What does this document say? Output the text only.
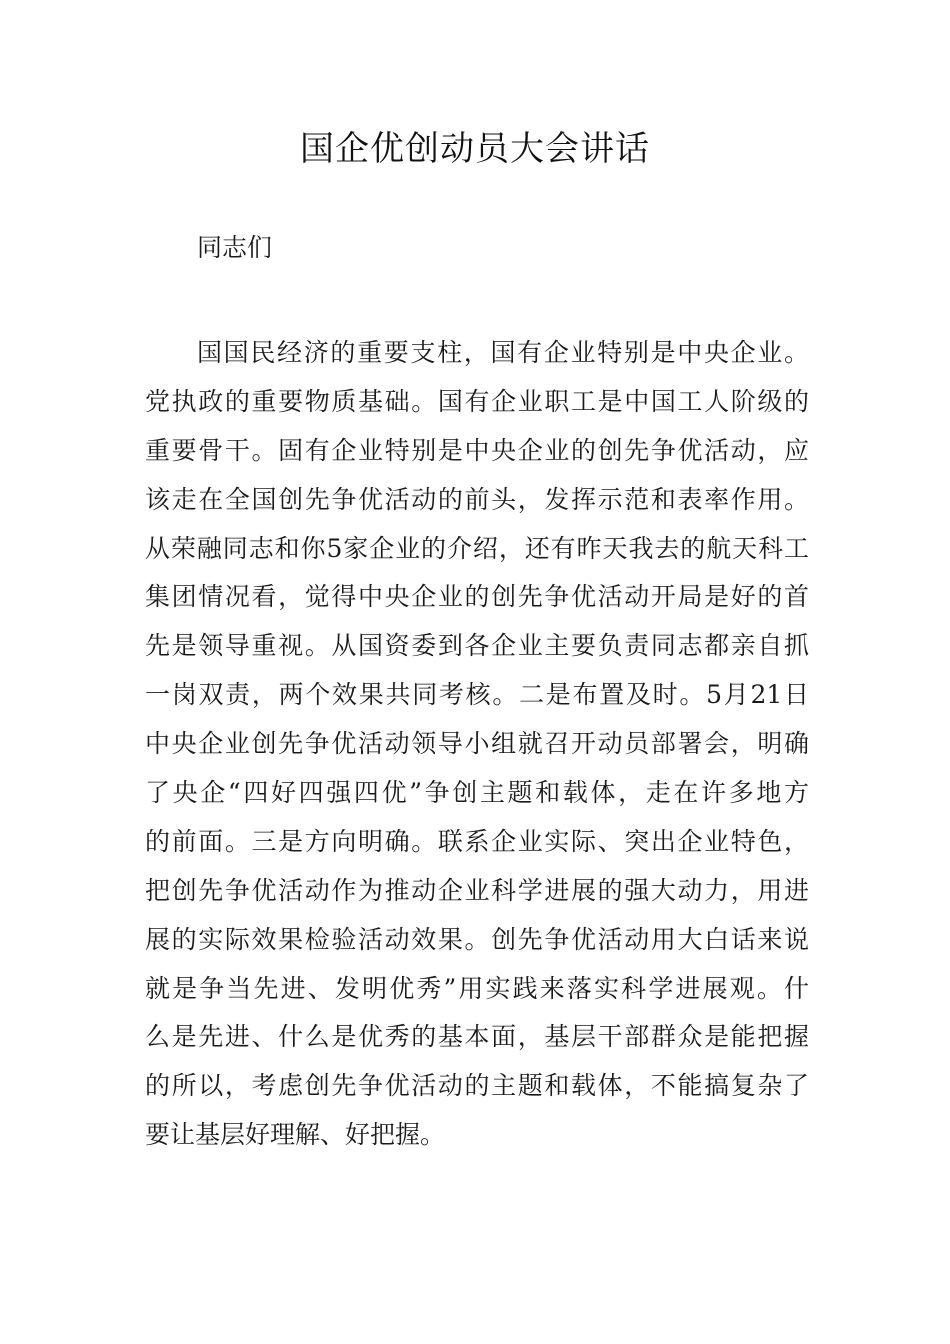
国企优创动员大会讲话
同志们
国国民经济的重要支柱，国有企业特别是中央企业。
党执政的重要物质基础。国有企业职工是中国工人阶级的
重要骨干。固有企业特别是中央企业的创先争优活动，应
该走在全国创先争优活动的前头，发挥示范和表率作用。
从荣融同志和你5家企业的介绍，还有昨天我去的航天科工
集团情况看，觉得中央企业的创先争优活动开局是好的首
先是领导重视。从国资委到各企业主要负责同志都亲自抓
一岗双责，两个效果共同考核。二是布置及时。5月21日
中央企业创先争优活动领导小组就召开动员部署会，明确
了央企“四好四强四优”争创主题和载体，走在许多地方
的前面。三是方向明确。联系企业实际、突出企业特色，
把创先争优活动作为推动企业科学进展的强大动力，用进
展的实际效果检验活动效果。创先争优活动用大白话来说
就是争当先进、发明优秀”用实践来落实科学进展观。什
么是先进、什么是优秀的基本面，基层干部群众是能把握
的所以，考虑创先争优活动的主题和载体，不能搞复杂了
要让基层好理解、好把握。
